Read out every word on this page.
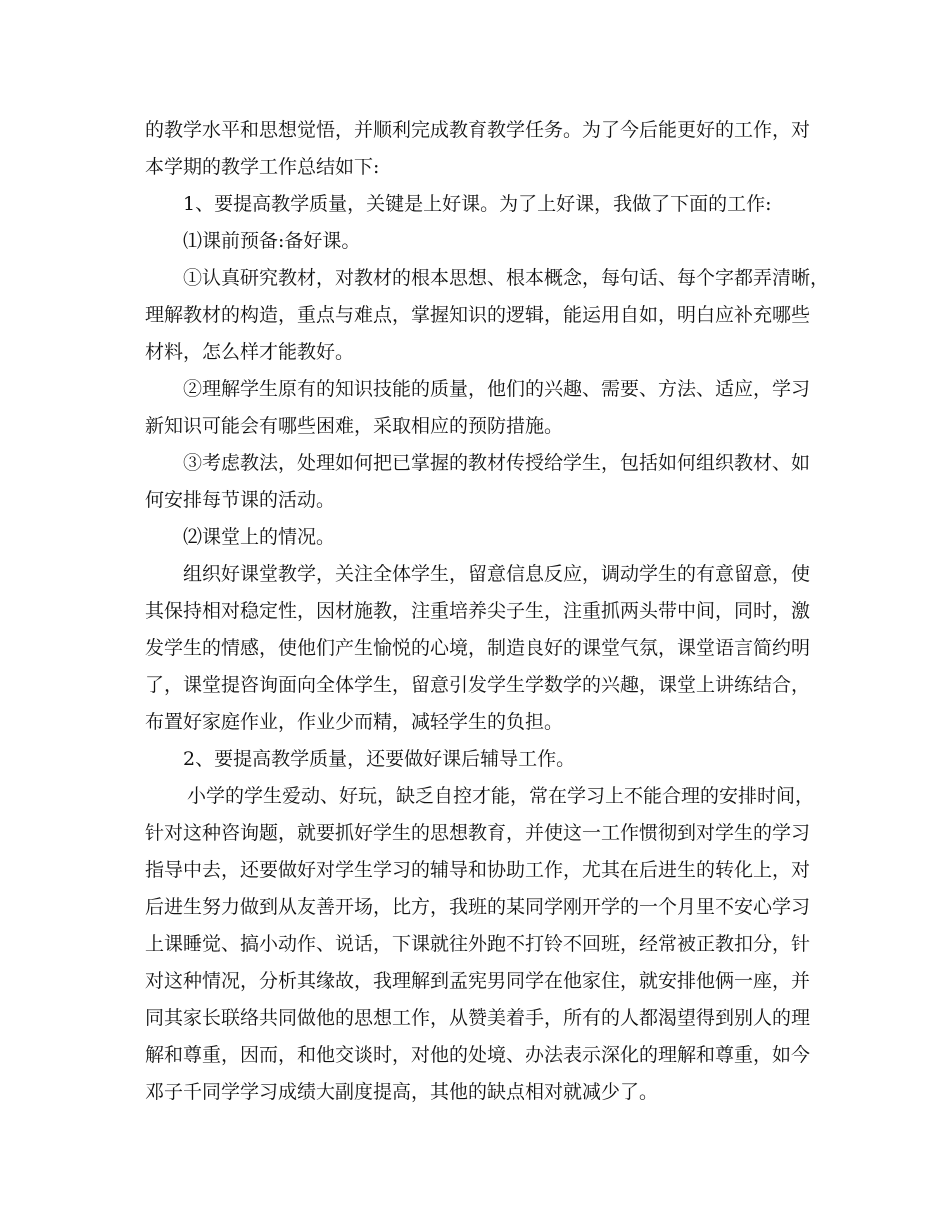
的教学水平和思想觉悟，并顺利完成教育教学任务。为了今后能更好的工作，对
本学期的教学工作总结如下:
1、要提高教学质量，关键是上好课。为了上好课，我做了下面的工作:
⑴课前预备:备好课。
①认真研究教材，对教材的根本思想、根本概念，每句话、每个字都弄清晰，
理解教材的构造，重点与难点，掌握知识的逻辑，能运用自如，明白应补充哪些
材料，怎么样才能教好。
②理解学生原有的知识技能的质量，他们的兴趣、需要、方法、适应，学习
新知识可能会有哪些困难，采取相应的预防措施。
③考虑教法，处理如何把已掌握的教材传授给学生，包括如何组织教材、如
何安排每节课的活动。
⑵课堂上的情况。
组织好课堂教学，关注全体学生，留意信息反应，调动学生的有意留意，使
其保持相对稳定性，因材施教，注重培养尖子生，注重抓两头带中间，同时，激
发学生的情感，使他们产生愉悦的心境，制造良好的课堂气氛，课堂语言简约明
了，课堂提咨询面向全体学生，留意引发学生学数学的兴趣，课堂上讲练结合，
布置好家庭作业，作业少而精，减轻学生的负担。
2、要提高教学质量，还要做好课后辅导工作。
小学的学生爱动、好玩，缺乏自控才能，常在学习上不能合理的安排时间，
针对这种咨询题，就要抓好学生的思想教育，并使这一工作惯彻到对学生的学习
指导中去，还要做好对学生学习的辅导和协助工作，尤其在后进生的转化上，对
后进生努力做到从友善开场，比方，我班的某同学刚开学的一个月里不安心学习
上课睡觉、搞小动作、说话，下课就往外跑不打铃不回班，经常被正教扣分，针
对这种情况，分析其缘故，我理解到孟宪男同学在他家住，就安排他俩一座，并
同其家长联络共同做他的思想工作，从赞美着手，所有的人都渴望得到别人的理
解和尊重，因而，和他交谈时，对他的处境、办法表示深化的理解和尊重，如今
邓子千同学学习成绩大副度提高，其他的缺点相对就减少了。
